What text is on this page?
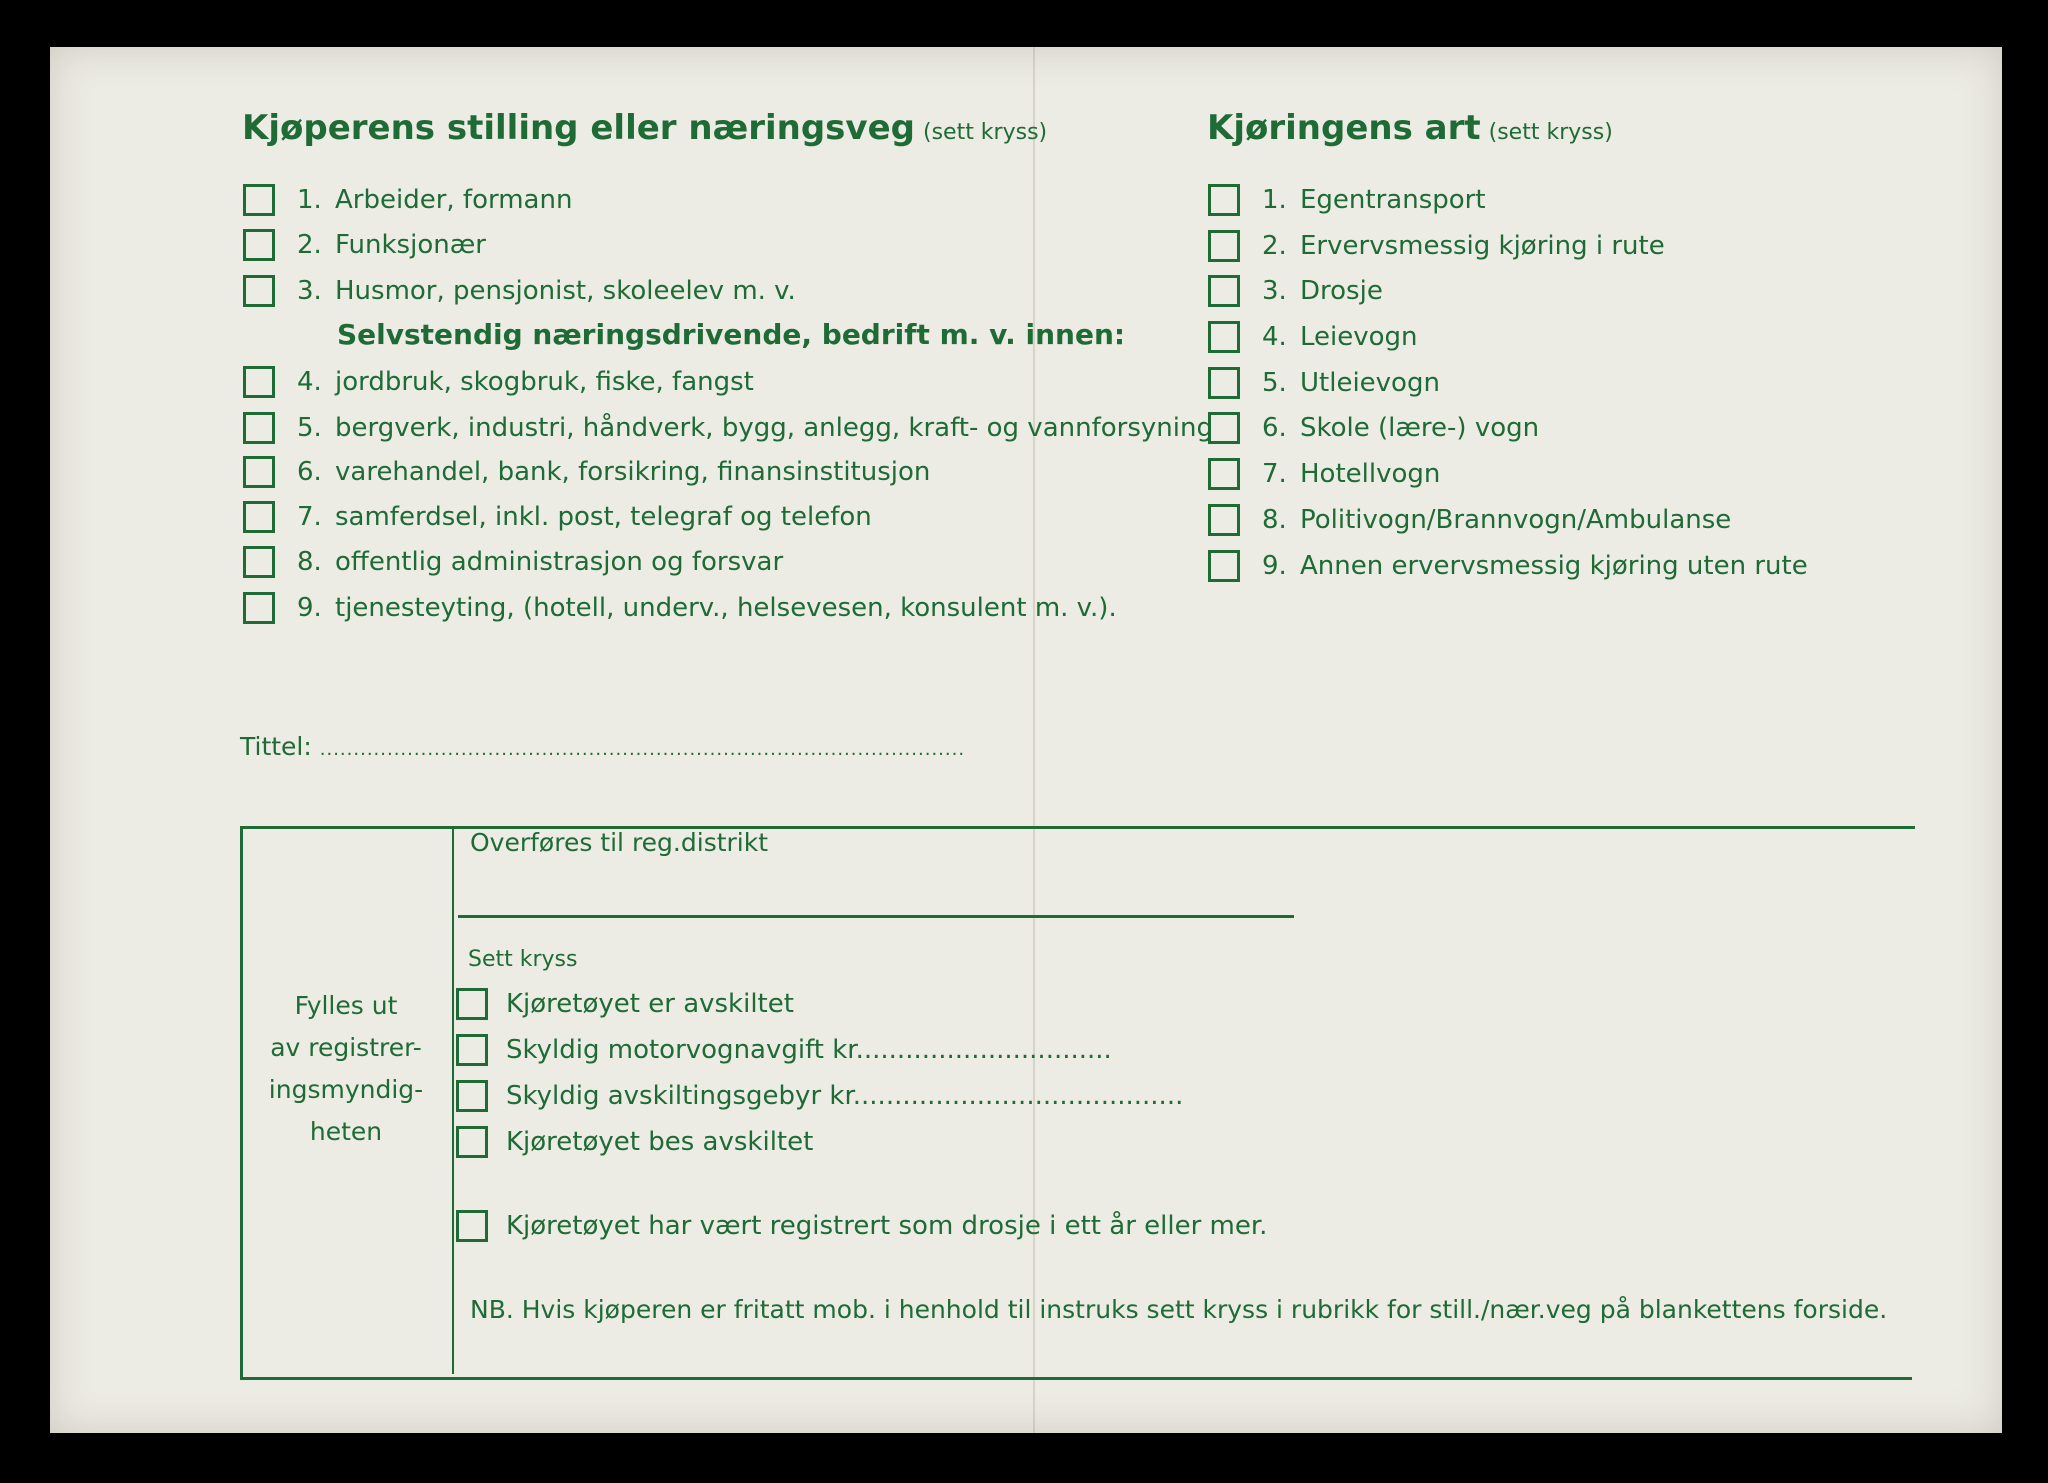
Kjøperens stilling eller næringsveg (sett kryss)
1. Arbeider, formann
2. Funksjonær
3. Husmor, pensjonist, skoleelev m. v.
Selvstendig næringsdrivende, bedrift m. v. innen:
4. jordbruk, skogbruk, fiske, fangst
5. bergverk, industri, håndverk, bygg, anlegg, kraft- og vannforsyning
6. varehandel, bank, forsikring, finansinstitusjon
7. samferdsel, inkl. post, telegraf og telefon
8. offentlig administrasjon og forsvar
9. tjenesteyting, (hotell, underv., helsevesen, konsulent m. v.).
Kjøringens art (sett kryss)
1. Egentransport
2. Ervervsmessig kjøring i rute
3. Drosje
4. Leievogn
5. Utleievogn
6. Skole (lære-) vogn
7. Hotellvogn
8. Politivogn/Brannvogn/Ambulanse
9. Annen ervervsmessig kjøring uten rute
Tittel: ................................................................................................
Fylles ut
av registrer-
ingsmyndig-
heten
Overføres til reg.distrikt
Sett kryss
Kjøretøyet er avskiltet
Skyldig motorvognavgift kr...............................
Skyldig avskiltingsgebyr kr........................................
Kjøretøyet bes avskiltet
Kjøretøyet har vært registrert som drosje i ett år eller mer.
NB. Hvis kjøperen er fritatt mob. i henhold til instruks sett kryss i rubrikk for still./nær.veg på blankettens forside.
